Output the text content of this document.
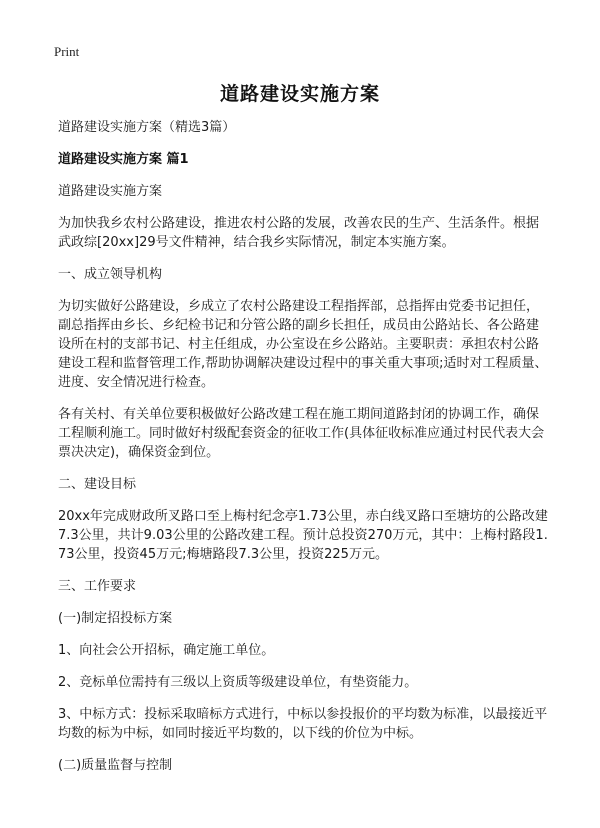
Print
道路建设实施方案

道路建设实施方案（精选3篇）

道路建设实施方案 篇1

道路建设实施方案

为加快我乡农村公路建设，推进农村公路的发展，改善农民的生产、生活条件。根据武政综[20xx]29号文件精神，结合我乡实际情况，制定本实施方案。

一、成立领导机构

为切实做好公路建设，乡成立了农村公路建设工程指挥部，总指挥由党委书记担任，副总指挥由乡长、乡纪检书记和分管公路的副乡长担任，成员由公路站长、各公路建设所在村的支部书记、村主任组成，办公室设在乡公路站。主要职责：承担农村公路建设工程和监督管理工作,帮助协调解决建设过程中的事关重大事项;适时对工程质量、进度、安全情况进行检查。

各有关村、有关单位要积极做好公路改建工程在施工期间道路封闭的协调工作，确保工程顺利施工。同时做好村级配套资金的征收工作(具体征收标准应通过村民代表大会票决决定)，确保资金到位。

二、建设目标

20xx年完成财政所叉路口至上梅村纪念亭1.73公里，赤白线叉路口至塘坊的公路改建7.3公里，共计9.03公里的公路改建工程。预计总投资270万元，其中：上梅村路段1.73公里，投资45万元;梅塘路段7.3公里，投资225万元。

三、工作要求

(一)制定招投标方案

1、向社会公开招标，确定施工单位。

2、竞标单位需持有三级以上资质等级建设单位，有垫资能力。

3、中标方式：投标采取暗标方式进行，中标以参投报价的平均数为标准，以最接近平均数的标为中标，如同时接近平均数的，以下线的价位为中标。

(二)质量监督与控制
